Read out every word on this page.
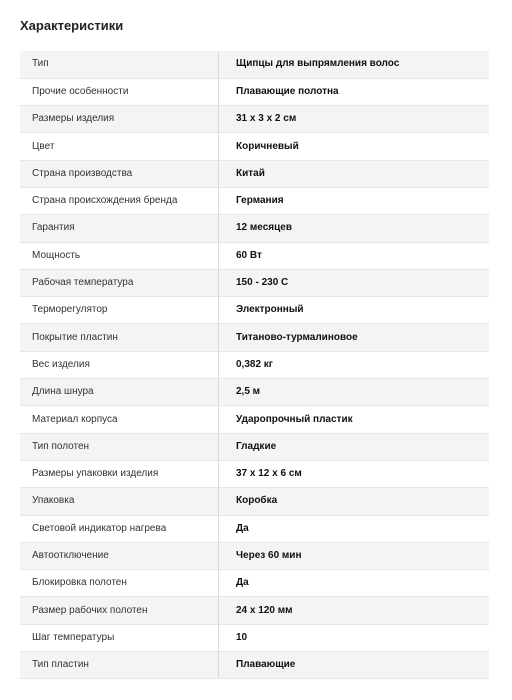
Характеристики
Тип	Щипцы для выпрямления волос
Прочие особенности	Плавающие полотна
Размеры изделия	31 x 3 x 2 см
Цвет	Коричневый
Страна производства	Китай
Страна происхождения бренда	Германия
Гарантия	12 месяцев
Мощность	60 Вт
Рабочая температура	150 - 230 С
Терморегулятор	Электронный
Покрытие пластин	Титаново-турмалиновое
Вес изделия	0,382 кг
Длина шнура	2,5 м
Материал корпуса	Ударопрочный пластик
Тип полотен	Гладкие
Размеры упаковки изделия	37 x 12 x 6 см
Упаковка	Коробка
Световой индикатор нагрева	Да
Автоотключение	Через 60 мин
Блокировка полотен	Да
Размер рабочих полотен	24 x 120 мм
Шаг температуры	10
Тип пластин	Плавающие
